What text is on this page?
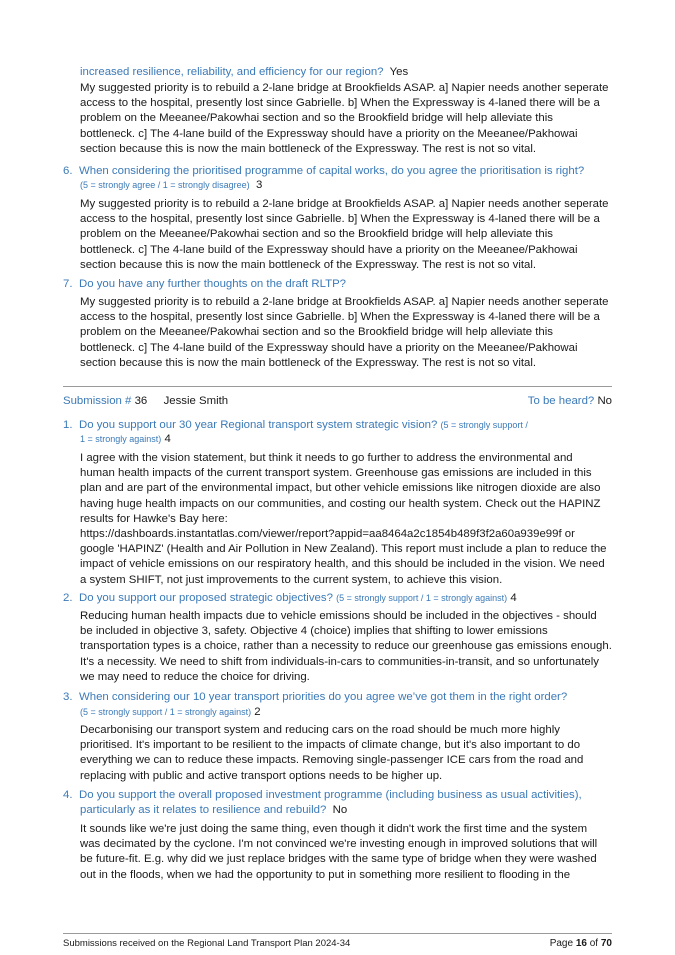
increased resilience, reliability, and efficiency for our region? Yes
My suggested priority is to rebuild a 2-lane bridge at Brookfields ASAP. a] Napier needs another seperate
access to the hospital, presently lost since Gabrielle. b] When the Expressway is 4-laned there will be a
problem on the Meeanee/Pakowhai section and so the Brookfield bridge will help alleviate this
bottleneck. c] The 4-lane build of the Expressway should have a priority on the Meeanee/Pakhowai
section because this is now the main bottleneck of the Expressway. The rest is not so vital.
6. When considering the prioritised programme of capital works, do you agree the prioritisation is right?
(5 = strongly agree / 1 = strongly disagree) 3
My suggested priority is to rebuild a 2-lane bridge at Brookfields ASAP. a] Napier needs another seperate
access to the hospital, presently lost since Gabrielle. b] When the Expressway is 4-laned there will be a
problem on the Meeanee/Pakowhai section and so the Brookfield bridge will help alleviate this
bottleneck. c] The 4-lane build of the Expressway should have a priority on the Meeanee/Pakhowai
section because this is now the main bottleneck of the Expressway. The rest is not so vital.
7. Do you have any further thoughts on the draft RLTP?
My suggested priority is to rebuild a 2-lane bridge at Brookfields ASAP. a] Napier needs another seperate
access to the hospital, presently lost since Gabrielle. b] When the Expressway is 4-laned there will be a
problem on the Meeanee/Pakowhai section and so the Brookfield bridge will help alleviate this
bottleneck. c] The 4-lane build of the Expressway should have a priority on the Meeanee/Pakhowai
section because this is now the main bottleneck of the Expressway. The rest is not so vital.
Submission # 36 Jessie Smith	To be heard? No
1. Do you support our 30 year Regional transport system strategic vision? (5 = strongly support /
1 = strongly against) 4
I agree with the vision statement, but think it needs to go further to address the environmental and
human health impacts of the current transport system. Greenhouse gas emissions are included in this
plan and are part of the environmental impact, but other vehicle emissions like nitrogen dioxide are also
having huge health impacts on our communities, and costing our health system. Check out the HAPINZ
results for Hawke's Bay here:
https://dashboards.instantatlas.com/viewer/report?appid=aa8464a2c1854b489f3f2a60a939e99f or
google 'HAPINZ' (Health and Air Pollution in New Zealand). This report must include a plan to reduce the
impact of vehicle emissions on our respiratory health, and this should be included in the vision. We need
a system SHIFT, not just improvements to the current system, to achieve this vision.
2. Do you support our proposed strategic objectives? (5 = strongly support / 1 = strongly against) 4
Reducing human health impacts due to vehicle emissions should be included in the objectives - should
be included in objective 3, safety. Objective 4 (choice) implies that shifting to lower emissions
transportation types is a choice, rather than a necessity to reduce our greenhouse gas emissions enough.
It's a necessity. We need to shift from individuals-in-cars to communities-in-transit, and so unfortunately
we may need to reduce the choice for driving.
3. When considering our 10 year transport priorities do you agree we’ve got them in the right order?
(5 = strongly support / 1 = strongly against) 2
Decarbonising our transport system and reducing cars on the road should be much more highly
prioritised. It's important to be resilient to the impacts of climate change, but it's also important to do
everything we can to reduce these impacts. Removing single-passenger ICE cars from the road and
replacing with public and active transport options needs to be higher up.
4. Do you support the overall proposed investment programme (including business as usual activities),
particularly as it relates to resilience and rebuild? No
It sounds like we're just doing the same thing, even though it didn't work the first time and the system
was decimated by the cyclone. I'm not convinced we're investing enough in improved solutions that will
be future-fit. E.g. why did we just replace bridges with the same type of bridge when they were washed
out in the floods, when we had the opportunity to put in something more resilient to flooding in the
Submissions received on the Regional Land Transport Plan 2024-34	Page 16 of 70
